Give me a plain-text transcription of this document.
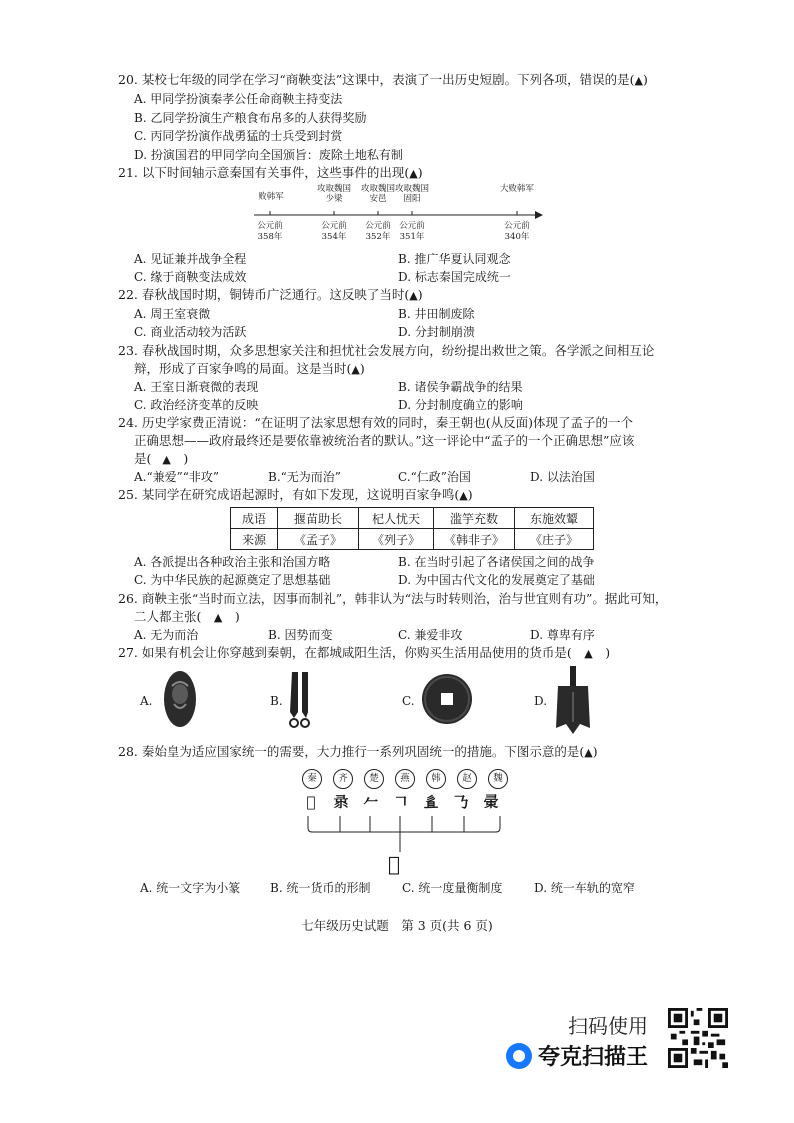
20. 某校七年级的同学在学习“商鞅变法”这课中，表演了一出历史短剧。下列各项，错误的是(▲)
A. 甲同学扮演秦孝公任命商鞅主持变法
B. 乙同学扮演生产粮食布帛多的人获得奖励
C. 丙同学扮演作战勇猛的士兵受到封赏
D. 扮演国君的甲同学向全国颁旨：废除土地私有制
21. 以下时间轴示意秦国有关事件，这些事件的出现(▲)
败韩军
攻取魏国少梁
攻取魏国安邑
攻取魏国固阳
大败韩军
公元前358年
公元前354年
公元前352年
公元前351年
公元前340年
A. 见证兼并战争全程	B. 推广华夏认同观念
C. 缘于商鞅变法成效	D. 标志秦国完成统一
22. 春秋战国时期，铜铸币广泛通行。这反映了当时(▲)
A. 周王室衰微	B. 井田制废除
C. 商业活动较为活跃	D. 分封制崩溃
23. 春秋战国时期，众多思想家关注和担忧社会发展方向，纷纷提出救世之策。各学派之间相互论
辩，形成了百家争鸣的局面。这是当时(▲)
A. 王室日渐衰微的表现	B. 诸侯争霸战争的结果
C. 政治经济变革的反映	D. 分封制度确立的影响
24. 历史学家费正清说：“在证明了法家思想有效的同时，秦王朝也(从反面)体现了孟子的一个
正确思想——政府最终还是要依靠被统治者的默认。”这一评论中“孟子的一个正确思想”应该
是(　 ▲　)
A.“兼爱”“非攻”	B.“无为而治”	C.“仁政”治国	D. 以法治国
25. 某同学在研究成语起源时，有如下发现，这说明百家争鸣(▲)
成语	揠苗助长	杞人忧天	滥竽充数	东施效颦
来源	《孟子》	《列子》	《韩非子》	《庄子》
A. 各派提出各种政治主张和治国方略	B. 在当时引起了各诸侯国之间的战争
C. 为中华民族的起源奠定了思想基础	D. 为中国古代文化的发展奠定了基础
26. 商鞅主张“当时而立法，因事而制礼”，韩非认为“法与时转则治，治与世宜则有功”。据此可知，
二人都主张(　 ▲　)
A. 无为而治	B. 因势而变	C. 兼爱非攻	D. 尊卑有序
27. 如果有机会让你穿越到秦朝，在都城咸阳生活，你购买生活用品使用的货币是(　 ▲　)
A.	B.	C.	D.
28. 秦始皇为适应国家统一的需要，大力推行一系列巩固统一的措施。下图示意的是(▲)
秦 齐 楚 燕 韩 赵 魏
𢑚 𢑘 𠂉 𠃍 𢒉 𠄎 𢑤
𢑚
A. 统一文字为小篆 B. 统一货币的形制	C. 统一度量衡制度	D. 统一车轨的宽窄
七年级历史试题　第 3 页(共 6 页)
扫码使用
夸克扫描王
